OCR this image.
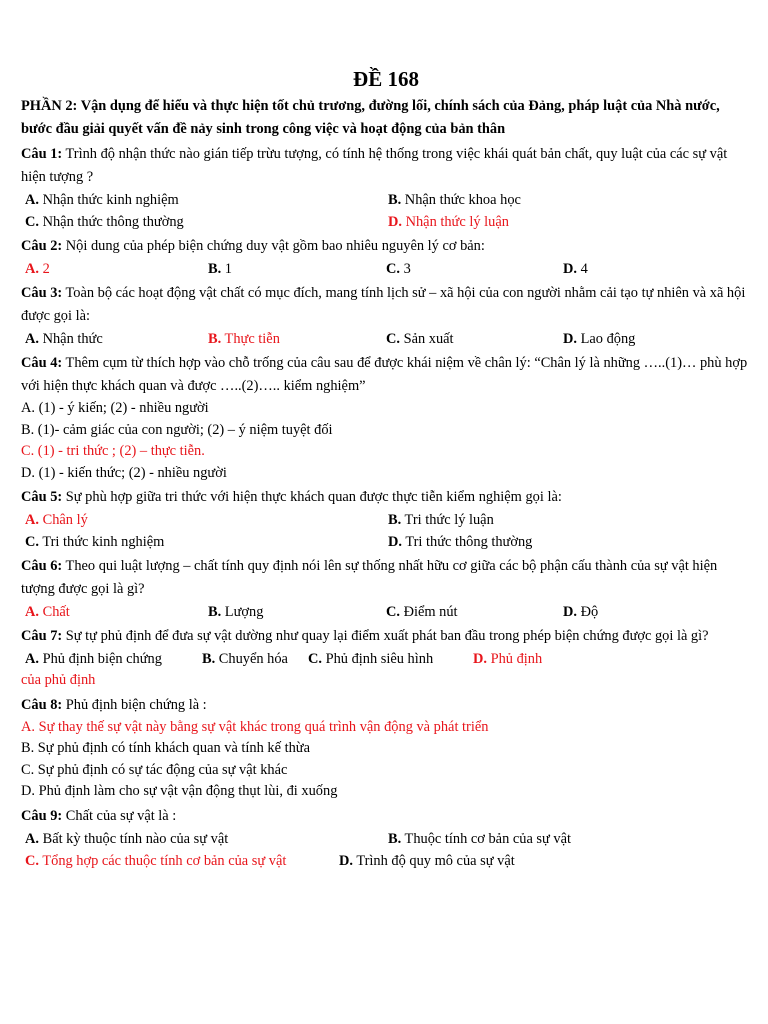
ĐỀ 168
PHẦN 2: Vận dụng để hiểu và thực hiện tốt chủ trương, đường lối, chính sách của Đảng, pháp luật của Nhà nước, bước đầu giải quyết vấn đề nảy sinh trong công việc và hoạt động của bản thân
Câu 1: Trình độ nhận thức nào gián tiếp trừu tượng, có tính hệ thống trong việc khái quát bản chất, quy luật của các sự vật hiện tượng ?
A. Nhận thức kinh nghiệm	B. Nhận thức khoa học
C. Nhận thức thông thường	D. Nhận thức lý luận
Câu 2: Nội dung của phép biện chứng duy vật gồm bao nhiêu nguyên lý cơ bản:
A. 2	B. 1	C. 3	D. 4
Câu 3: Toàn bộ các hoạt động vật chất có mục đích, mang tính lịch sử – xã hội của con người nhằm cải tạo tự nhiên và xã hội được gọi là:
A. Nhận thức	B. Thực tiễn	C. Sản xuất	D. Lao động
Câu 4: Thêm cụm từ thích hợp vào chỗ trống của câu sau để được khái niệm về chân lý: “Chân lý là những …..(1)… phù hợp với hiện thực khách quan và được …..(2)….. kiểm nghiệm”
A. (1) - ý kiến; (2) - nhiều người
B. (1)- cảm giác của con người; (2) – ý niệm tuyệt đối
C. (1) - tri thức ; (2) – thực tiễn.
D. (1) - kiến thức; (2) - nhiều người
Câu 5: Sự phù hợp giữa tri thức với hiện thực khách quan được thực tiễn kiểm nghiệm gọi là:
A. Chân lý	B. Tri thức lý luận
C. Tri thức kinh nghiệm	D. Tri thức thông thường
Câu 6: Theo qui luật lượng – chất tính quy định nói lên sự thống nhất hữu cơ giữa các bộ phận cấu thành của sự vật hiện tượng được gọi là gì?
A. Chất	B. Lượng	C. Điểm nút	D. Độ
Câu 7: Sự tự phủ định để đưa sự vật dường như quay lại điểm xuất phát ban đầu trong phép biện chứng được gọi là gì?
A. Phủ định biện chứng	B. Chuyển hóa C. Phủ định siêu hình	D. Phủ định
của phủ định
Câu 8: Phủ định biện chứng là :
A. Sự thay thế sự vật này bằng sự vật khác trong quá trình vận động và phát triển
B. Sự phủ định có tính khách quan và tính kế thừa
C. Sự phủ định có sự tác động của sự vật khác
D. Phủ định làm cho sự vật vận động thụt lùi, đi xuống
Câu 9: Chất của sự vật là :
A. Bất kỳ thuộc tính nào của sự vật	B. Thuộc tính cơ bản của sự vật
C. Tổng hợp các thuộc tính cơ bản của sự vật	D. Trình độ quy mô của sự vật
